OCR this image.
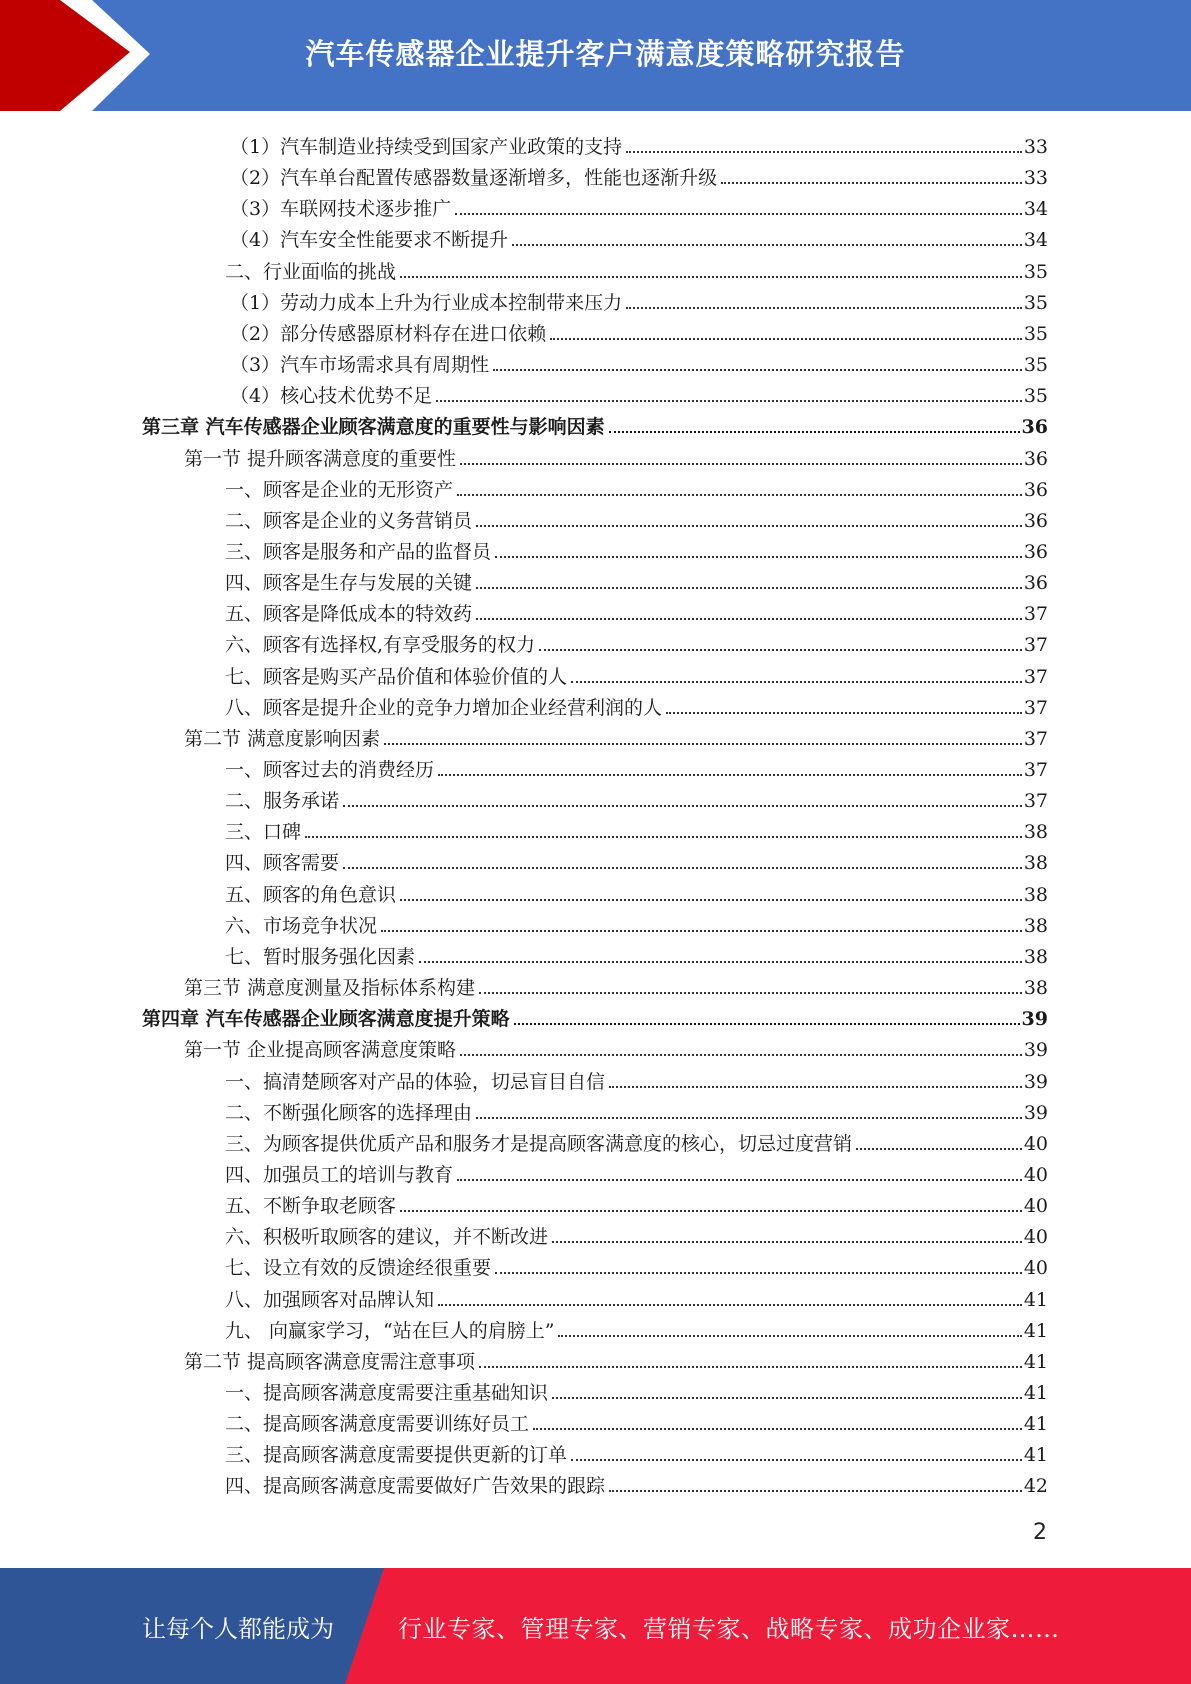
汽车传感器企业提升客户满意度策略研究报告
（1）汽车制造业持续受到国家产业政策的支持	33
（2）汽车单台配置传感器数量逐渐增多，性能也逐渐升级	33
（3）车联网技术逐步推广	34
（4）汽车安全性能要求不断提升	34
二、行业面临的挑战	35
（1）劳动力成本上升为行业成本控制带来压力	35
（2）部分传感器原材料存在进口依赖	35
（3）汽车市场需求具有周期性	35
（4）核心技术优势不足	35
第三章 汽车传感器企业顾客满意度的重要性与影响因素	36
第一节 提升顾客满意度的重要性	36
一、顾客是企业的无形资产	36
二、顾客是企业的义务营销员	36
三、顾客是服务和产品的监督员	36
四、顾客是生存与发展的关键	36
五、顾客是降低成本的特效药	37
六、顾客有选择权,有享受服务的权力	37
七、顾客是购买产品价值和体验价值的人	37
八、顾客是提升企业的竞争力增加企业经营利润的人	37
第二节 满意度影响因素	37
一、顾客过去的消费经历	37
二、服务承诺	37
三、口碑	38
四、顾客需要	38
五、顾客的角色意识	38
六、市场竞争状况	38
七、暂时服务强化因素	38
第三节 满意度测量及指标体系构建	38
第四章 汽车传感器企业顾客满意度提升策略	39
第一节 企业提高顾客满意度策略	39
一、搞清楚顾客对产品的体验，切忌盲目自信	39
二、不断强化顾客的选择理由	39
三、为顾客提供优质产品和服务才是提高顾客满意度的核心，切忌过度营销	40
四、加强员工的培训与教育	40
五、不断争取老顾客	40
六、积极听取顾客的建议，并不断改进	40
七、设立有效的反馈途经很重要	40
八、加强顾客对品牌认知	41
九、 向赢家学习，“站在巨人的肩膀上”	41
第二节 提高顾客满意度需注意事项	41
一、提高顾客满意度需要注重基础知识	41
二、提高顾客满意度需要训练好员工	41
三、提高顾客满意度需要提供更新的订单	41
四、提高顾客满意度需要做好广告效果的跟踪	42
2
让每个人都能成为	行业专家、管理专家、营销专家、战略专家、成功企业家……
